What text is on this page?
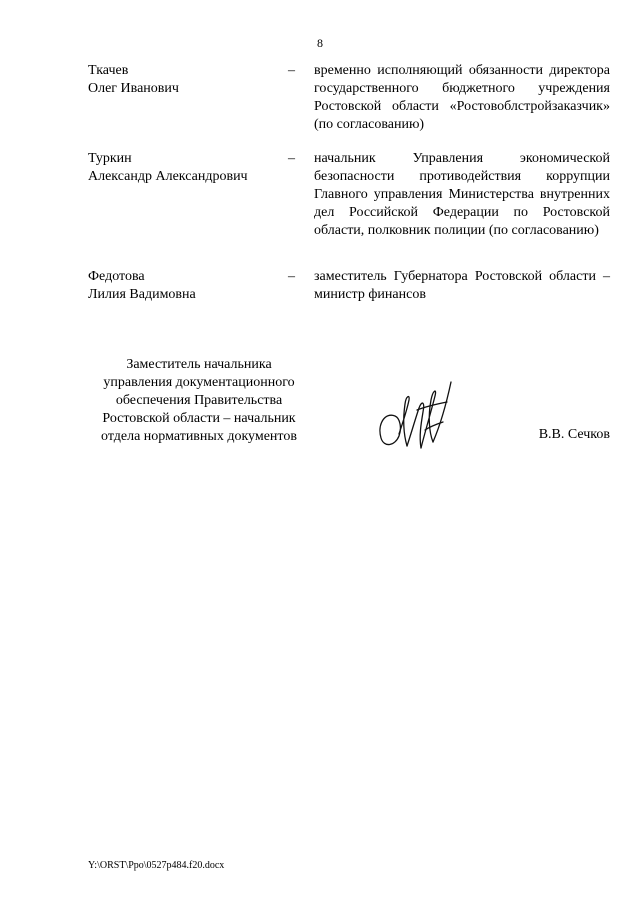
8
Ткачев
Олег Иванович
–	временно исполняющий обязанности директора государственного бюджетного учреждения Ростовской области «Ростовоблстройзаказчик» (по согласованию)
Туркин
Александр Александрович
–	начальник Управления экономической безопасности противодействия коррупции Главного управления Министерства внутренних дел Российской Федерации по Ростовской области, полковник полиции (по согласованию)
Федотова
Лилия Вадимовна
–	заместитель Губернатора Ростовской области – министр финансов
Заместитель начальника
управления документационного
обеспечения Правительства
Ростовской области – начальник
отдела нормативных документов	В.В. Сечков
Y:\ORST\Ppo\0527p484.f20.docx
